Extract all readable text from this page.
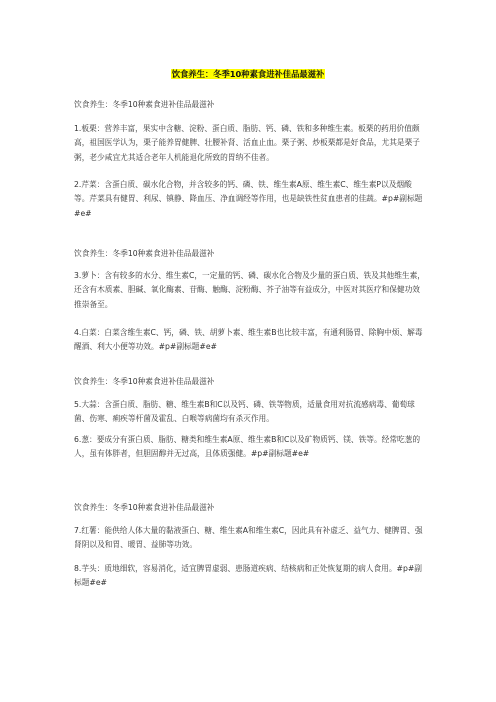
饮食养生：冬季10种素食进补佳品最滋补
饮食养生：冬季10种素食进补佳品最滋补

1.板栗：营养丰富，果实中含糖、淀粉、蛋白质、脂肪、钙、磷、铁和多种维生素。板栗的药用价值颇高，祖国医学认为，栗子能养胃健脾、壮腰补肾、活血止血。栗子粥、炒板栗都是好食品，尤其是栗子粥，老少咸宜尤其适合老年人机能退化所致的胃纳不佳者。

2.芹菜：含蛋白质、碳水化合物，并含较多的钙、磷、铁、维生素A原、维生素C、维生素P以及烟酸等。芹菜具有健胃、利尿、镇静、降血压、净血调经等作用，也是缺铁性贫血患者的佳蔬。#p#副标题#e#

饮食养生：冬季10种素食进补佳品最滋补

3.萝卜：含有较多的水分、维生素C，一定量的钙、磷、碳水化合物及少量的蛋白质、铁及其他维生素，还含有木质素、胆碱、氧化酶素、苷酶、触酶、淀粉酶、芥子油等有益成分，中医对其医疗和保健功效推崇备至。

4.白菜：白菜含维生素C、钙，磷、铁、胡萝卜素、维生素B也比较丰富，有通利肠胃、除胸中烦、解毒醒酒、利大小便等功效。#p#副标题#e#

饮食养生：冬季10种素食进补佳品最滋补

5.大蒜：含蛋白质、脂肪、糖、维生素B和C以及钙、磷、铁等物质，适量食用对抗流感病毒、葡萄球菌、伤寒、痢疾等杆菌及霍乱、白喉等病菌均有杀灭作用。

6.葱：要成分有蛋白质、脂肪、糖类和维生素A原、维生素B和C以及矿物质钙、镁、铁等。经常吃葱的人，虽有体胖者，但胆固醇并无过高，且体质强健。#p#副标题#e#

饮食养生：冬季10种素食进补佳品最滋补

7.红薯：能供给人体大量的黏液蛋白、糖、维生素A和维生素C，因此具有补虚乏、益气力、健脾胃、强肾阴以及和胃、暖胃、益肺等功效。

8.芋头：质地细软，容易消化，适宜脾胃虚弱、患肠道疾病、结核病和正处恢复期的病人食用。#p#副标题#e#
